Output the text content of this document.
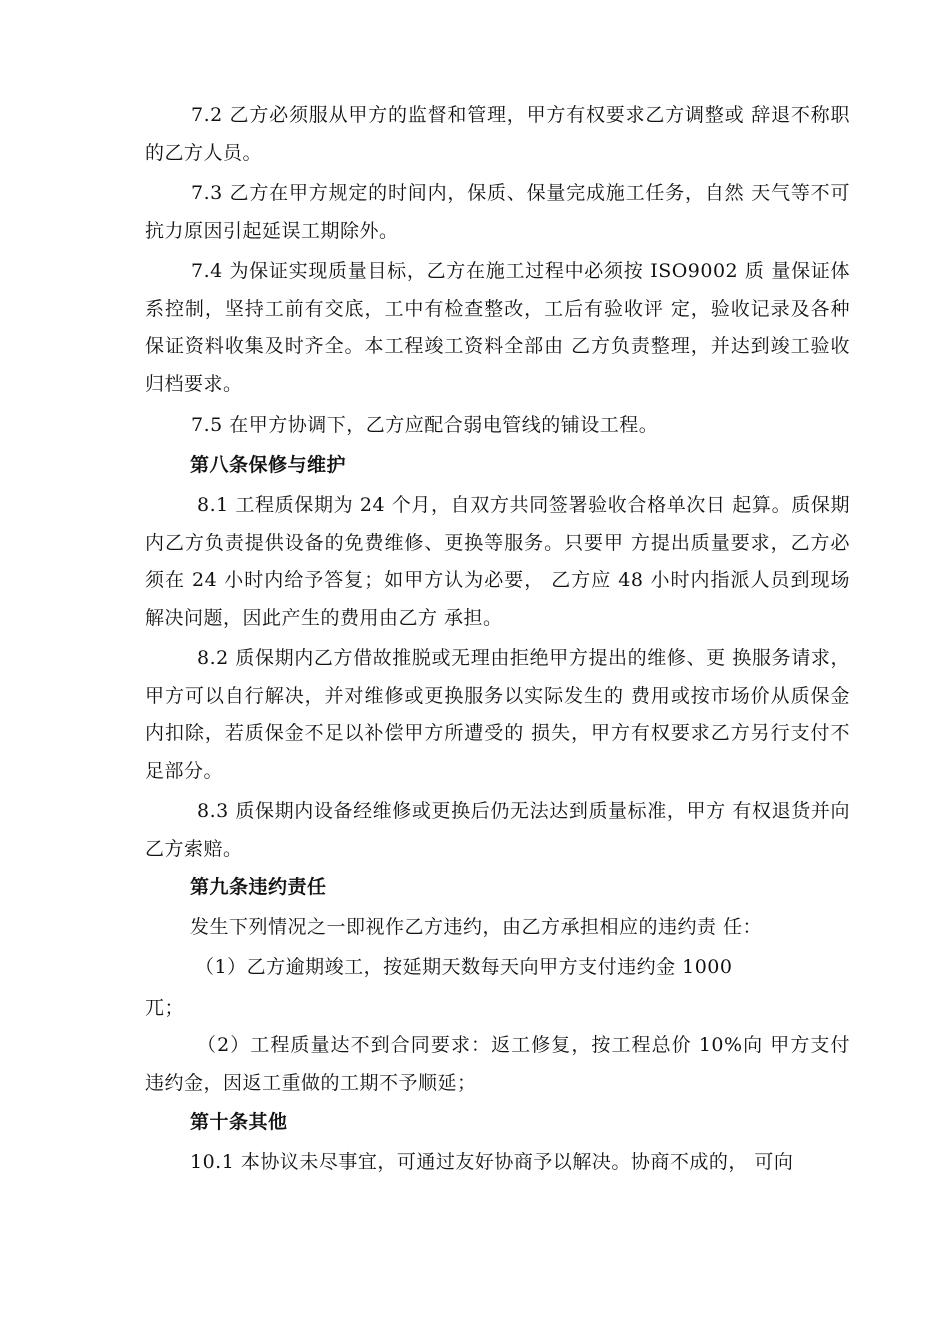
7.2 乙方必须服从甲方的监督和管理，甲方有权要求乙方调整或 辞退不称职的乙方人员。

7.3 乙方在甲方规定的时间内，保质、保量完成施工任务，自然 天气等不可抗力原因引起延误工期除外。

7.4 为保证实现质量目标，乙方在施工过程中必须按 ISO9002 质 量保证体系控制，坚持工前有交底，工中有检查整改，工后有验收评 定，验收记录及各种保证资料收集及时齐全。本工程竣工资料全部由 乙方负责整理，并达到竣工验收归档要求。

7.5 在甲方协调下，乙方应配合弱电管线的铺设工程。

第八条保修与维护

8.1 工程质保期为 24 个月，自双方共同签署验收合格单次日 起算。质保期内乙方负责提供设备的免费维修、更换等服务。只要甲 方提出质量要求，乙方必须在 24 小时内给予答复；如甲方认为必要， 乙方应 48 小时内指派人员到现场解决问题，因此产生的费用由乙方 承担。

8.2 质保期内乙方借故推脱或无理由拒绝甲方提出的维修、更 换服务请求，甲方可以自行解决，并对维修或更换服务以实际发生的 费用或按市场价从质保金内扣除，若质保金不足以补偿甲方所遭受的 损失，甲方有权要求乙方另行支付不足部分。

8.3 质保期内设备经维修或更换后仍无法达到质量标准，甲方 有权退货并向乙方索赔。

第九条违约责任

发生下列情况之一即视作乙方违约，由乙方承担相应的违约责 任：

（1）乙方逾期竣工，按延期天数每天向甲方支付违约金 1000

兀；

（2）工程质量达不到合同要求：返工修复，按工程总价 10%向 甲方支付违约金，因返工重做的工期不予顺延；

第十条其他

10.1 本协议未尽事宜，可通过友好协商予以解决。协商不成的， 可向
